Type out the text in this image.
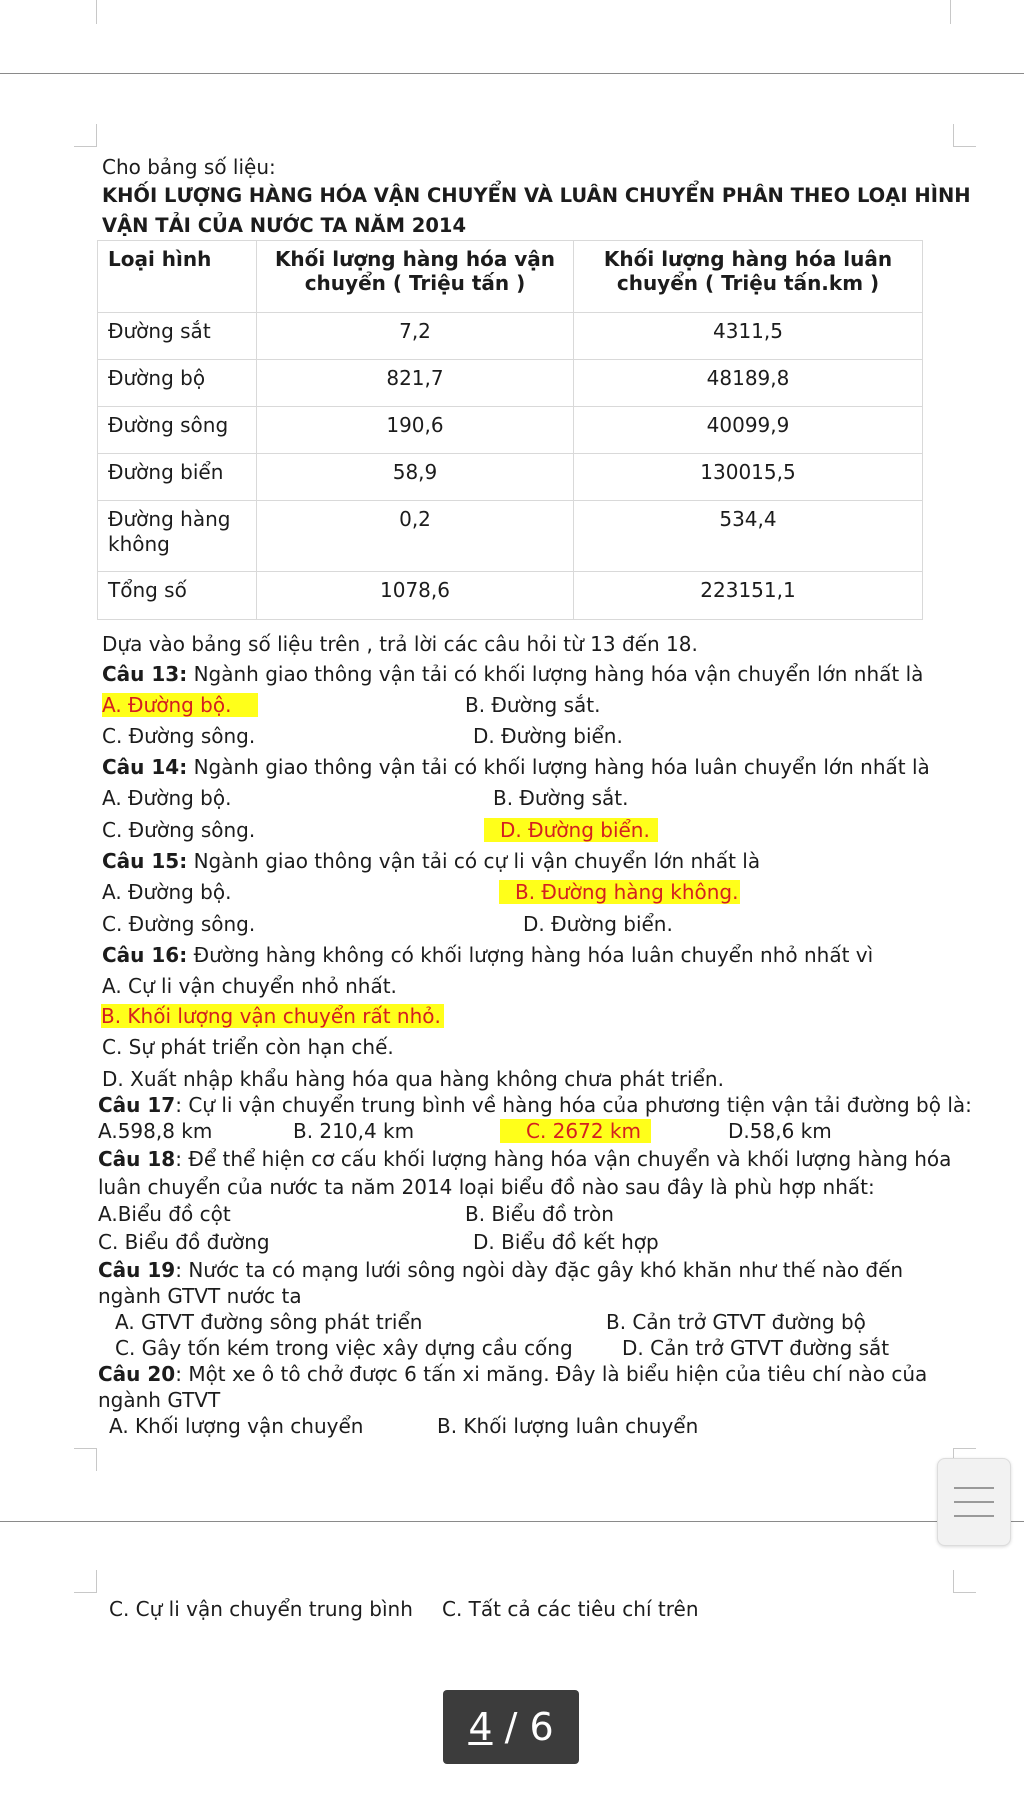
Cho bảng số liệu:
KHỐI LƯỢNG HÀNG HÓA VẬN CHUYỂN VÀ LUÂN CHUYỂN PHÂN THEO LOẠI HÌNH
VẬN TẢI CỦA NƯỚC TA NĂM 2014
Loại hình	Khối lượng hàng hóa vận chuyển ( Triệu tấn )	Khối lượng hàng hóa luân chuyển ( Triệu tấn.km )
Đường sắt	7,2	4311,5
Đường bộ	821,7	48189,8
Đường sông	190,6	40099,9
Đường biển	58,9	130015,5
Đường hàng không	0,2	534,4
Tổng số	1078,6	223151,1
Dựa vào bảng số liệu trên , trả lời các câu hỏi từ 13 đến 18.
Câu 13: Ngành giao thông vận tải có khối lượng hàng hóa vận chuyển lớn nhất là
A. Đường bộ.	B. Đường sắt.
C. Đường sông.	D. Đường biển.
Câu 14: Ngành giao thông vận tải có khối lượng hàng hóa luân chuyển lớn nhất là
A. Đường bộ.	B. Đường sắt.
C. Đường sông.	D. Đường biển.
Câu 15: Ngành giao thông vận tải có cự li vận chuyển lớn nhất là
A. Đường bộ.	B. Đường hàng không.
C. Đường sông.	D. Đường biển.
Câu 16: Đường hàng không có khối lượng hàng hóa luân chuyển nhỏ nhất vì
A. Cự li vận chuyển nhỏ nhất.
B. Khối lượng vận chuyển rất nhỏ.
C. Sự phát triển còn hạn chế.
D. Xuất nhập khẩu hàng hóa qua hàng không chưa phát triển.
Câu 17: Cự li vận chuyển trung bình về hàng hóa của phương tiện vận tải đường bộ là:
A.598,8 km	B. 210,4 km	C. 2672 km	D.58,6 km
Câu 18: Để thể hiện cơ cấu khối lượng hàng hóa vận chuyển và khối lượng hàng hóa
luân chuyển của nước ta năm 2014 loại biểu đồ nào sau đây là phù hợp nhất:
A.Biểu đồ cột	B. Biểu đồ tròn
C. Biểu đồ đường	D. Biểu đồ kết hợp
Câu 19: Nước ta có mạng lưới sông ngòi dày đặc gây khó khăn như thế nào đến
ngành GTVT nước ta
A. GTVT đường sông phát triển	B. Cản trở GTVT đường bộ
C. Gây tốn kém trong việc xây dựng cầu cống D. Cản trở GTVT đường sắt
Câu 20: Một xe ô tô chở được 6 tấn xi măng. Đây là biểu hiện của tiêu chí nào của
ngành GTVT
A. Khối lượng vận chuyển	B. Khối lượng luân chuyển
C. Cự li vận chuyển trung bình C. Tất cả các tiêu chí trên
4 / 6
